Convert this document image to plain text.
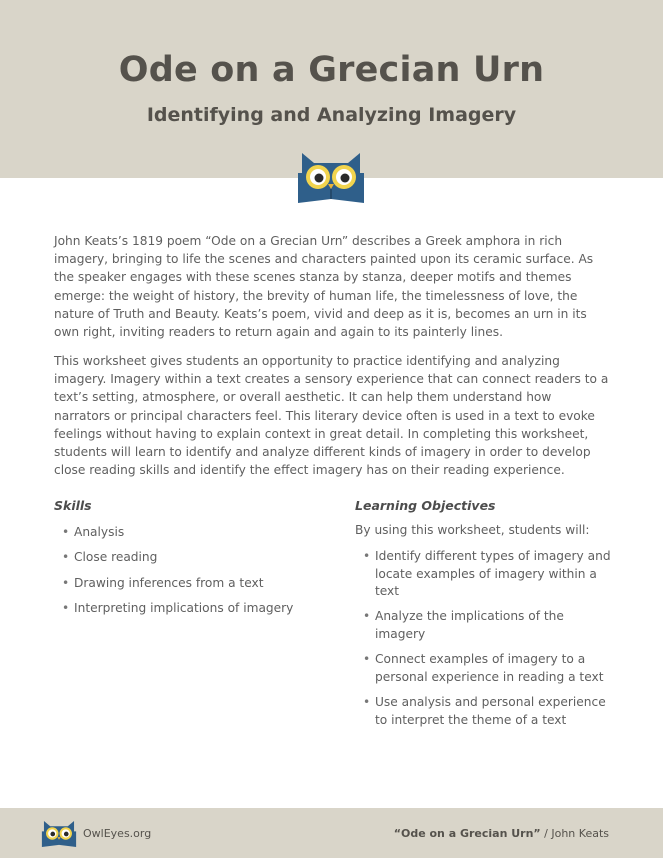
Ode on a Grecian Urn
Identifying and Analyzing Imagery

John Keats’s 1819 poem “Ode on a Grecian Urn” describes a Greek amphora in rich imagery, bringing to life the scenes and characters painted upon its ceramic surface. As the speaker engages with these scenes stanza by stanza, deeper motifs and themes emerge: the weight of history, the brevity of human life, the timelessness of love, the nature of Truth and Beauty. Keats’s poem, vivid and deep as it is, becomes an urn in its own right, inviting readers to return again and again to its painterly lines.

This worksheet gives students an opportunity to practice identifying and analyzing imagery. Imagery within a text creates a sensory experience that can connect readers to a text’s setting, atmosphere, or overall aesthetic. It can help them understand how narrators or principal characters feel. This literary device often is used in a text to evoke feelings without having to explain context in great detail. In completing this worksheet, students will learn to identify and analyze different kinds of imagery in order to develop close reading skills and identify the effect imagery has on their reading experience.

Skills
• Analysis
• Close reading
• Drawing inferences from a text
• Interpreting implications of imagery
Learning Objectives
By using this worksheet, students will:
• Identify different types of imagery and locate examples of imagery within a text
• Analyze the implications of the imagery
• Connect examples of imagery to a personal experience in reading a text
• Use analysis and personal experience to interpret the theme of a text
OwlEyes.org	“Ode on a Grecian Urn” / John Keats
